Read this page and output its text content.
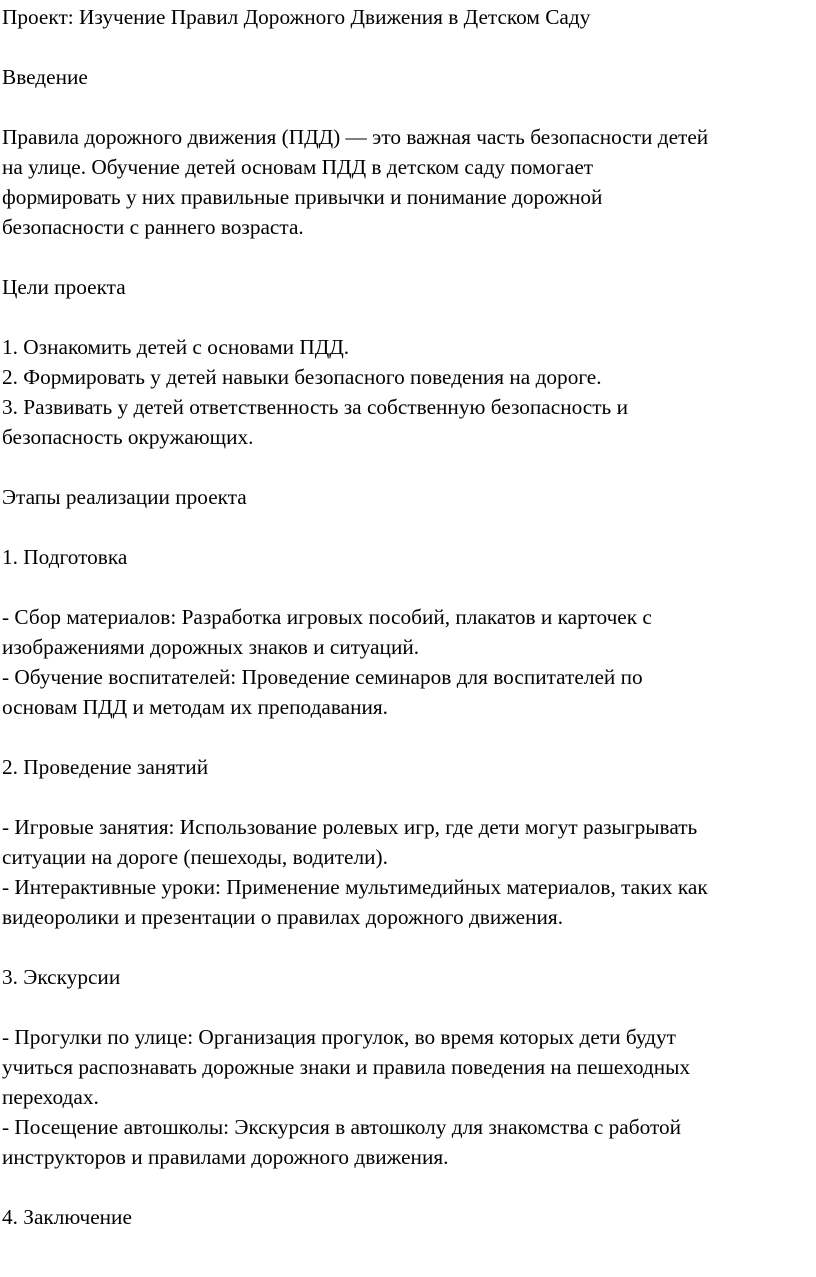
Проект: Изучение Правил Дорожного Движения в Детском Саду
Введение
Правила дорожного движения (ПДД) — это важная часть безопасности детей
на улице. Обучение детей основам ПДД в детском саду помогает
формировать у них правильные привычки и понимание дорожной
безопасности с раннего возраста.
Цели проекта
1. Ознакомить детей с основами ПДД.
2. Формировать у детей навыки безопасного поведения на дороге.
3. Развивать у детей ответственность за собственную безопасность и
безопасность окружающих.
Этапы реализации проекта
1. Подготовка
- Сбор материалов: Разработка игровых пособий, плакатов и карточек с
изображениями дорожных знаков и ситуаций.
- Обучение воспитателей: Проведение семинаров для воспитателей по
основам ПДД и методам их преподавания.
2. Проведение занятий
- Игровые занятия: Использование ролевых игр, где дети могут разыгрывать
ситуации на дороге (пешеходы, водители).
- Интерактивные уроки: Применение мультимедийных материалов, таких как
видеоролики и презентации о правилах дорожного движения.
3. Экскурсии
- Прогулки по улице: Организация прогулок, во время которых дети будут
учиться распознавать дорожные знаки и правила поведения на пешеходных
переходах.
- Посещение автошколы: Экскурсия в автошколу для знакомства с работой
инструкторов и правилами дорожного движения.
4. Заключение
